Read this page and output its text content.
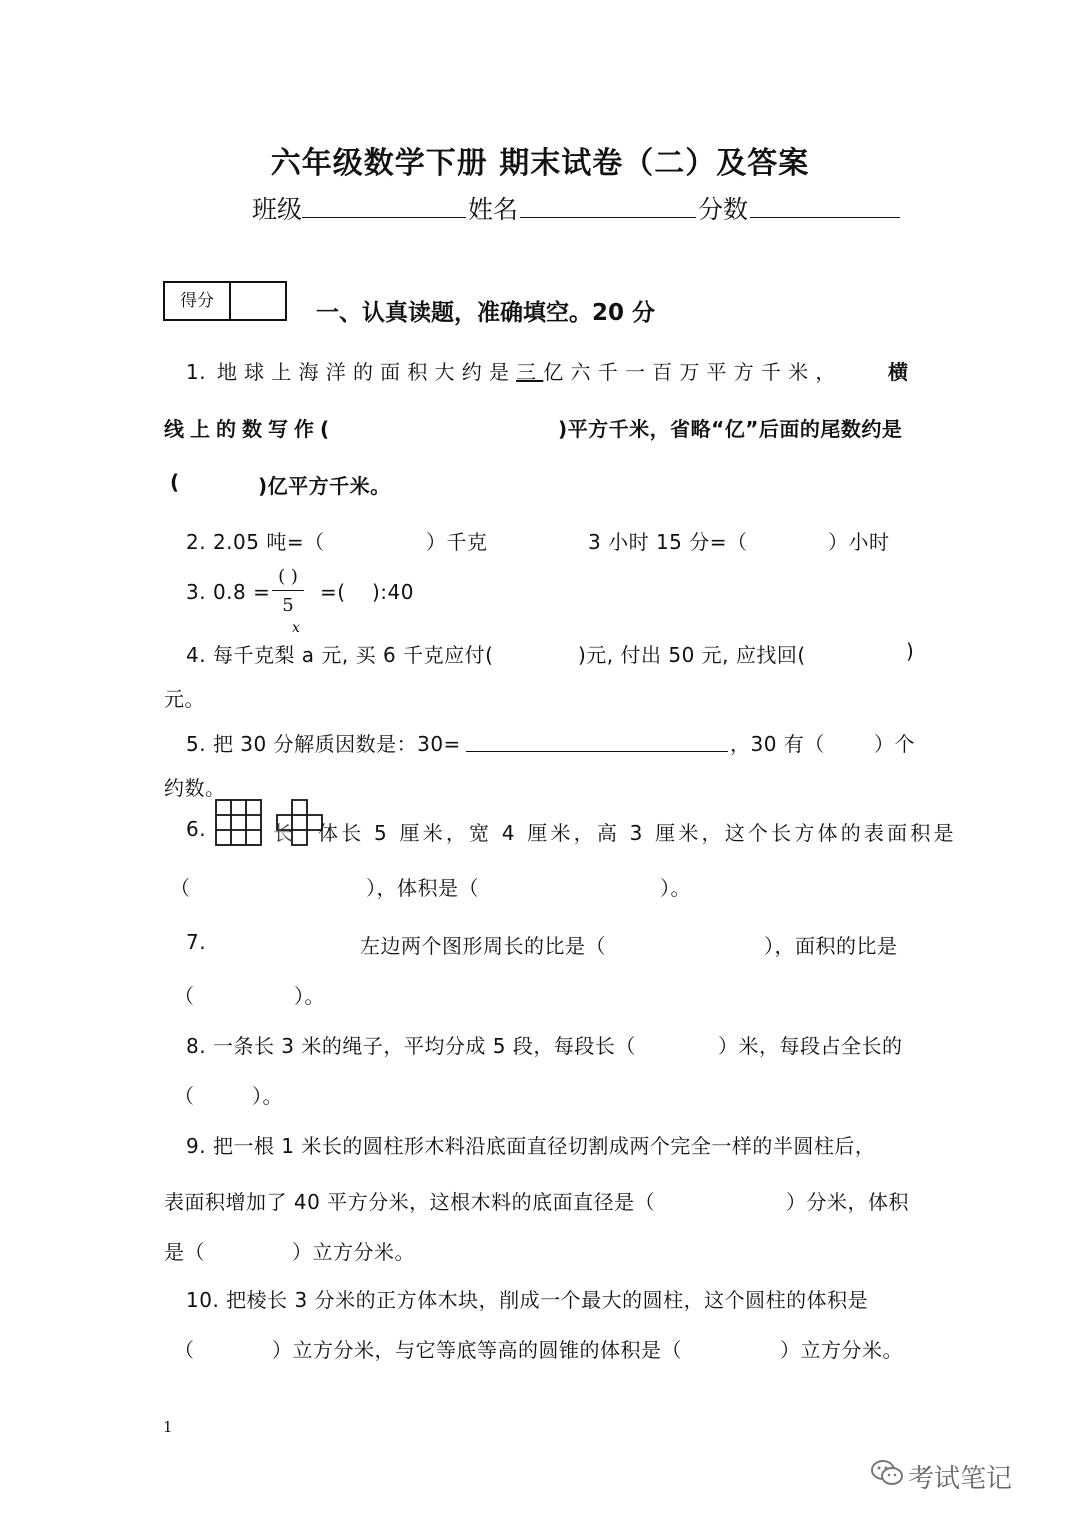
六年级数学下册 期末试卷（二）及答案
班级	姓名	分数
得分	一、认真读题，准确填空。20 分
1. 地球上海洋的面积大约是三亿六千一百万平方千米， 横
线上的数写作(	)平方千米，省略“亿”后面的尾数约是
(	)亿平方千米。
2. 2.05 吨=（	）千克	3 小时 15 分=（	）小时
3. 0.8 =
( )
5
=( ):40
x
4. 每千克梨 a 元, 买 6 千克应付(	)元, 付出 50 元, 应找回(	)
元。
5. 把 30 分解质因数是：30=	，30 有（ ）个
约数。
6.	长 体长 5 厘米，宽 4 厘米，高 3 厘米，这个长方体的表面积是
（	），体积是（	）。
7.	左边两个图形周长的比是（	），面积的比是
（	）。
8. 一条长 3 米的绳子，平均分成 5 段，每段长（	）米，每段占全长的
（	）。
9. 把一根 1 米长的圆柱形木料沿底面直径切割成两个完全一样的半圆柱后，
表面积增加了 40 平方分米，这根木料的底面直径是（	）分米，体积
是（	）立方分米。
10. 把棱长 3 分米的正方体木块，削成一个最大的圆柱，这个圆柱的体积是
（	）立方分米，与它等底等高的圆锥的体积是（	）立方分米。
1
考试笔记
